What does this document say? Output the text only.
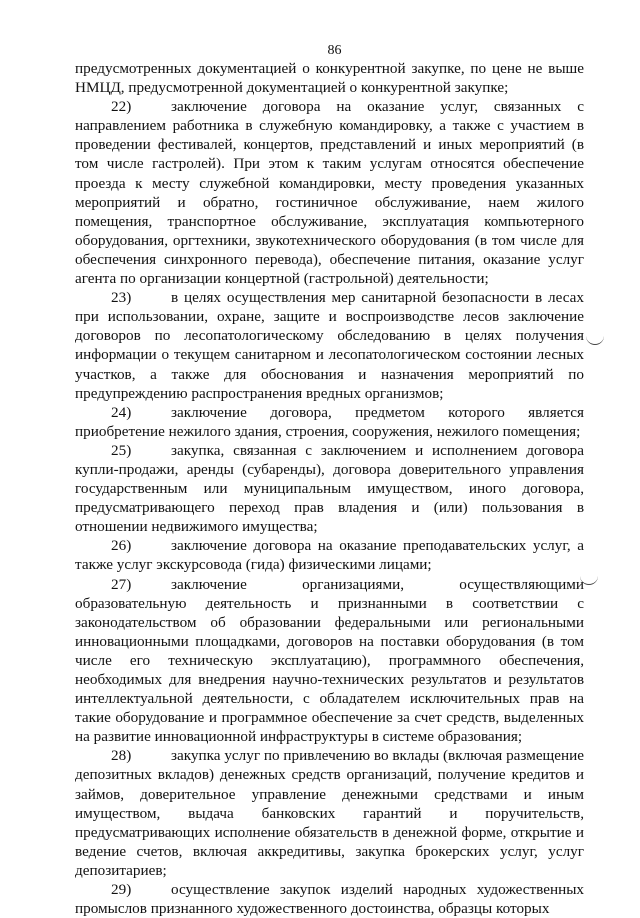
86
предусмотренных документацией о конкурентной закупке, по цене не выше НМЦД, предусмотренной документацией о конкурентной закупке;
22)	заключение договора на оказание услуг, связанных с направлением работника в служебную командировку, а также с участием в проведении фестивалей, концертов, представлений и иных мероприятий (в том числе гастролей). При этом к таким услугам относятся обеспечение проезда к месту служебной командировки, месту проведения указанных мероприятий и обратно, гостиничное обслуживание, наем жилого помещения, транспортное обслуживание, эксплуатация компьютерного оборудования, оргтехники, звукотехнического оборудования (в том числе для обеспечения синхронного перевода), обеспечение питания, оказание услуг агента по организации концертной (гастрольной) деятельности;
23)	в целях осуществления мер санитарной безопасности в лесах при использовании, охране, защите и воспроизводстве лесов заключение договоров по лесопатологическому обследованию в целях получения информации о текущем санитарном и лесопатологическом состоянии лесных участков, а также для обоснования и назначения мероприятий по предупреждению распространения вредных организмов;
24)	заключение договора, предметом которого является приобретение нежилого здания, строения, сооружения, нежилого помещения;
25)	закупка, связанная с заключением и исполнением договора купли-продажи, аренды (субаренды), договора доверительного управления государственным или муниципальным имуществом, иного договора, предусматривающего переход прав владения и (или) пользования в отношении недвижимого имущества;
26)	заключение договора на оказание преподавательских услуг, а также услуг экскурсовода (гида) физическими лицами;
27)	заключение организациями, осуществляющими образовательную деятельность и признанными в соответствии с законодательством об образовании федеральными или региональными инновационными площадками, договоров на поставки оборудования (в том числе его техническую эксплуатацию), программного обеспечения, необходимых для внедрения научно-технических результатов и результатов интеллектуальной деятельности, с обладателем исключительных прав на такие оборудование и программное обеспечение за счет средств, выделенных на развитие инновационной инфраструктуры в системе образования;
28)	закупка услуг по привлечению во вклады (включая размещение депозитных вкладов) денежных средств организаций, получение кредитов и займов, доверительное управление денежными средствами и иным имуществом, выдача банковских гарантий и поручительств, предусматривающих исполнение обязательств в денежной форме, открытие и ведение счетов, включая аккредитивы, закупка брокерских услуг, услуг депозитариев;
29)	осуществление закупок изделий народных художественных промыслов признанного художественного достоинства, образцы которых
